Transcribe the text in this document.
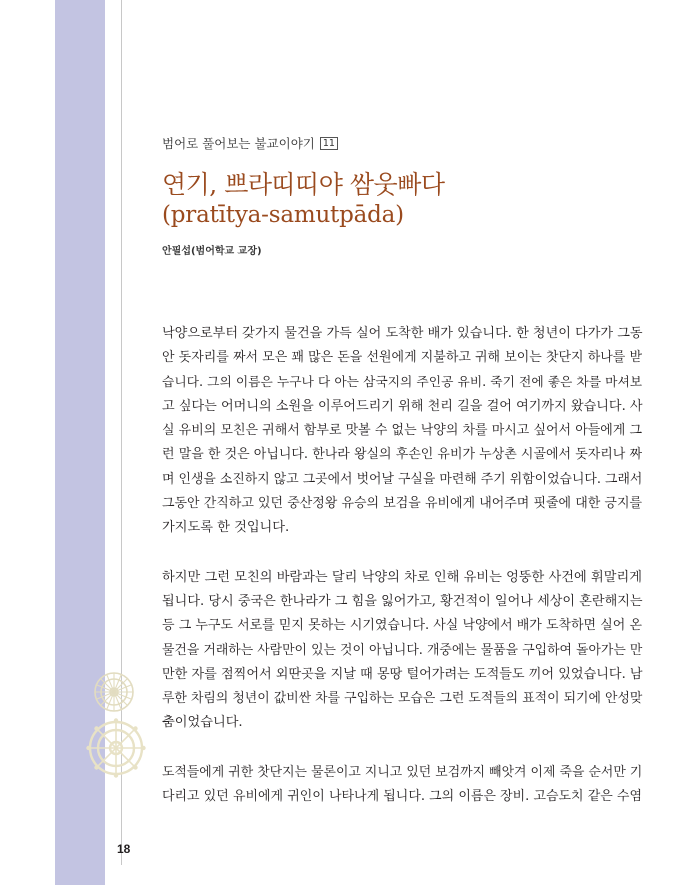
범어로 풀어보는 불교이야기 11
연기, 쁘라띠띠야 쌈웃빠다
(pratītya-samutpāda)
안필섭(범어학교 교장)
낙양으로부터 갖가지 물건을 가득 실어 도착한 배가 있습니다. 한 청년이 다가가 그동
안 돗자리를 짜서 모은 꽤 많은 돈을 선원에게 지불하고 귀해 보이는 찻단지 하나를 받
습니다. 그의 이름은 누구나 다 아는 삼국지의 주인공 유비. 죽기 전에 좋은 차를 마셔보
고 싶다는 어머니의 소원을 이루어드리기 위해 천리 길을 걸어 여기까지 왔습니다. 사
실 유비의 모친은 귀해서 함부로 맛볼 수 없는 낙양의 차를 마시고 싶어서 아들에게 그
런 말을 한 것은 아닙니다. 한나라 왕실의 후손인 유비가 누상촌 시골에서 돗자리나 짜
며 인생을 소진하지 않고 그곳에서 벗어날 구실을 마련해 주기 위함이었습니다. 그래서
그동안 간직하고 있던 중산정왕 유승의 보검을 유비에게 내어주며 핏줄에 대한 긍지를
가지도록 한 것입니다.
하지만 그런 모친의 바람과는 달리 낙양의 차로 인해 유비는 엉뚱한 사건에 휘말리게
됩니다. 당시 중국은 한나라가 그 힘을 잃어가고, 황건적이 일어나 세상이 혼란해지는
등 그 누구도 서로를 믿지 못하는 시기였습니다. 사실 낙양에서 배가 도착하면 실어 온
물건을 거래하는 사람만이 있는 것이 아닙니다. 개중에는 물품을 구입하여 돌아가는 만
만한 자를 점찍어서 외딴곳을 지날 때 몽땅 털어가려는 도적들도 끼어 있었습니다. 남
루한 차림의 청년이 값비싼 차를 구입하는 모습은 그런 도적들의 표적이 되기에 안성맞
춤이었습니다.
도적들에게 귀한 찻단지는 물론이고 지니고 있던 보검까지 빼앗겨 이제 죽을 순서만 기
다리고 있던 유비에게 귀인이 나타나게 됩니다. 그의 이름은 장비. 고슴도치 같은 수염
18
